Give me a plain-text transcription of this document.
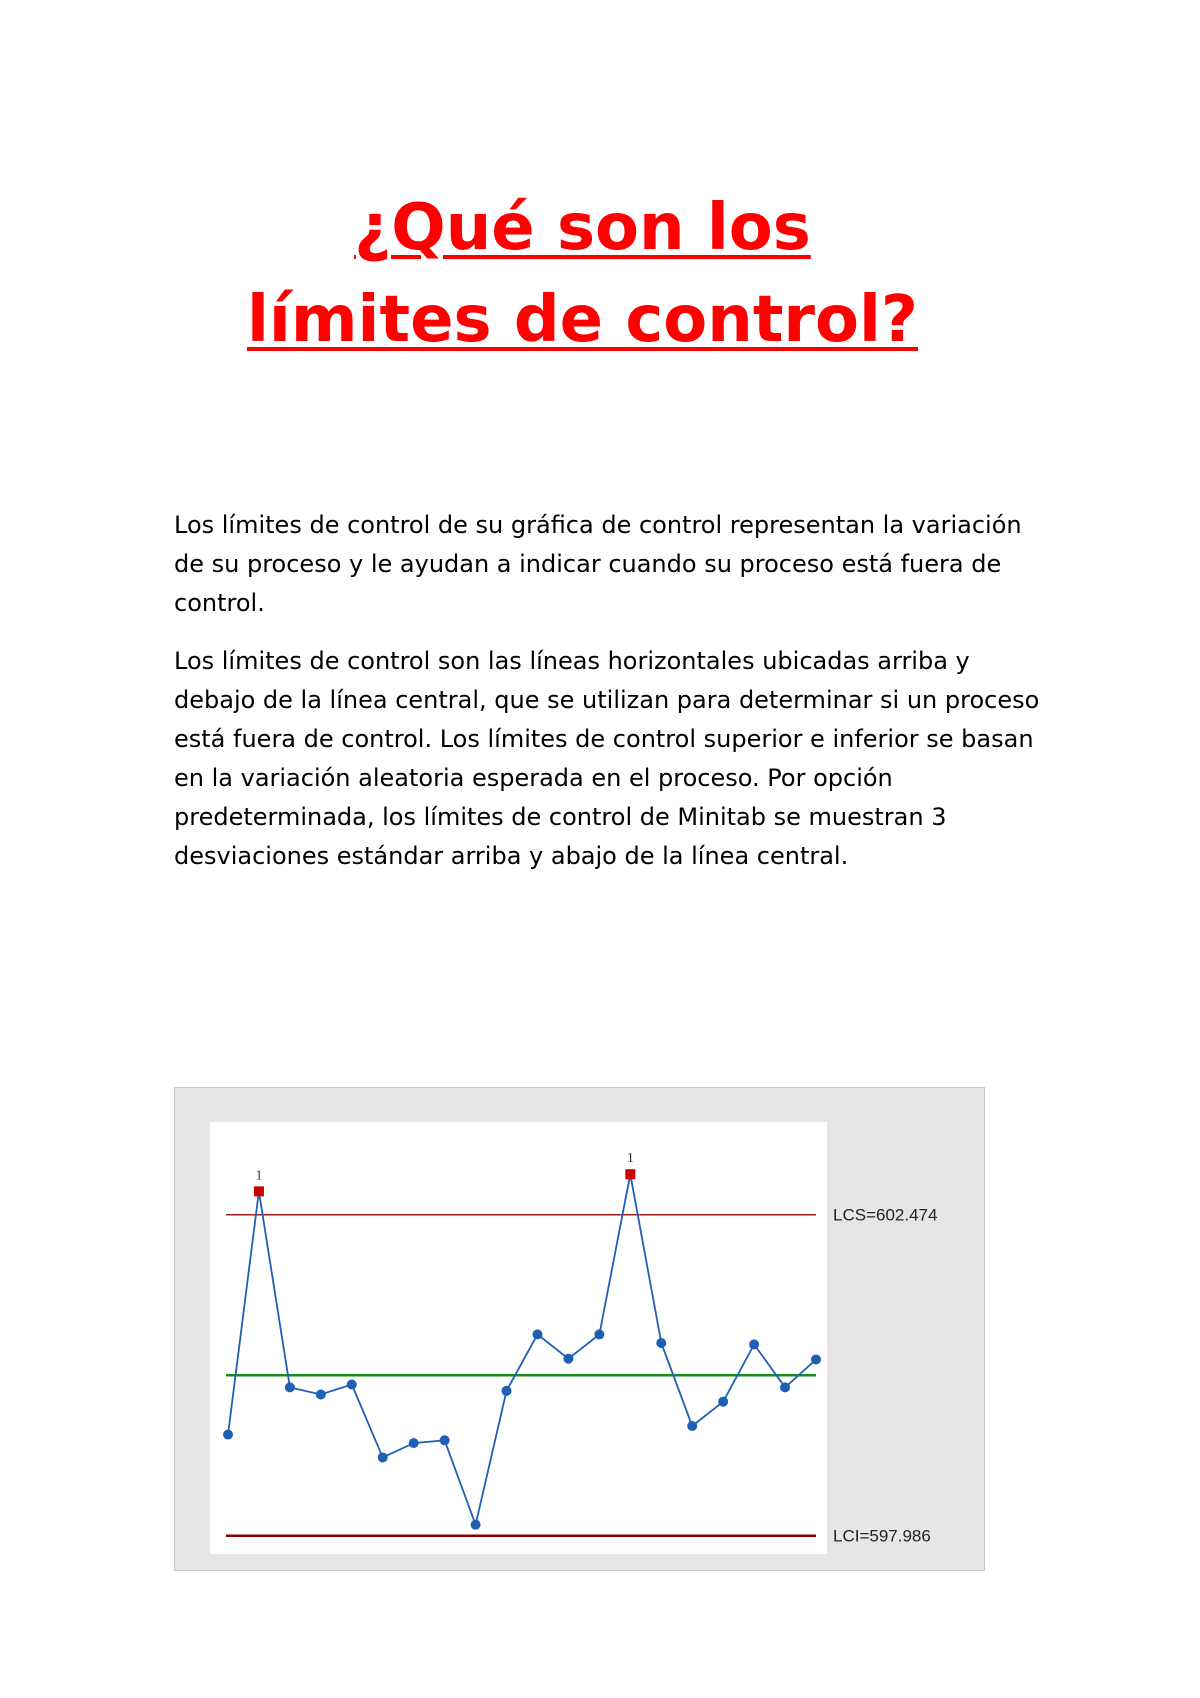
¿Qué son los
límites de control?

Los límites de control de su gráfica de control representan la variación de su proceso y le ayudan a indicar cuando su proceso está fuera de control.

Los límites de control son las líneas horizontales ubicadas arriba y debajo de la línea central, que se utilizan para determinar si un proceso está fuera de control. Los límites de control superior e inferior se basan en la variación aleatoria esperada en el proceso. Por opción predeterminada, los límites de control de Minitab se muestran 3 desviaciones estándar arriba y abajo de la línea central.

1
1
LCS=602.474
LCI=597.986
